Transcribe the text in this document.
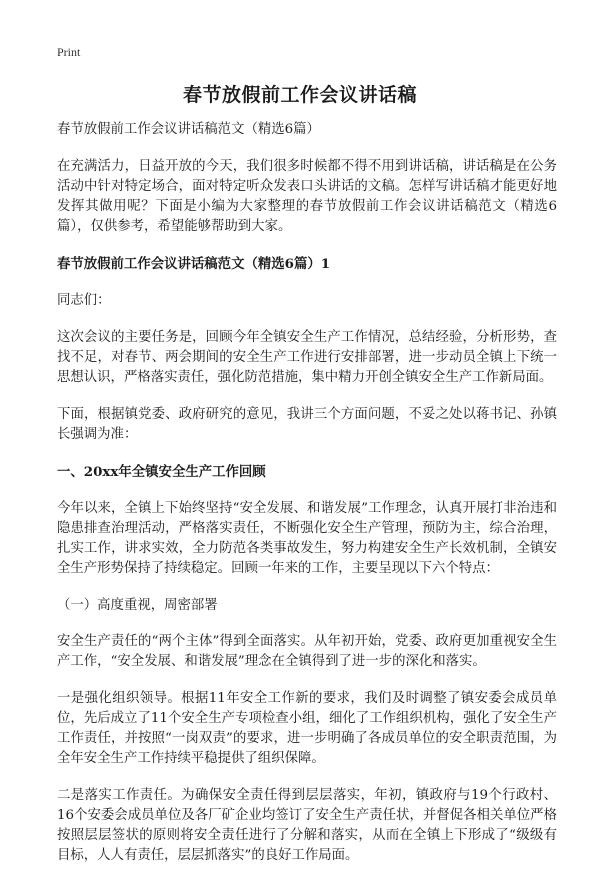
Print
春节放假前工作会议讲话稿

春节放假前工作会议讲话稿范文（精选6篇）

在充满活力，日益开放的今天，我们很多时候都不得不用到讲话稿，讲话稿是在公务活动中针对特定场合，面对特定听众发表口头讲话的文稿。怎样写讲话稿才能更好地发挥其做用呢？下面是小编为大家整理的春节放假前工作会议讲话稿范文（精选6篇），仅供参考，希望能够帮助到大家。

春节放假前工作会议讲话稿范文（精选6篇）1

同志们：

这次会议的主要任务是，回顾今年全镇安全生产工作情况，总结经验，分析形势，查找不足，对春节、两会期间的安全生产工作进行安排部署，进一步动员全镇上下统一思想认识，严格落实责任，强化防范措施，集中精力开创全镇安全生产工作新局面。

下面，根据镇党委、政府研究的意见，我讲三个方面问题，不妥之处以蒋书记、孙镇长强调为准：

一、20xx年全镇安全生产工作回顾

今年以来，全镇上下始终坚持“安全发展、和谐发展”工作理念，认真开展打非治违和隐患排查治理活动，严格落实责任，不断强化安全生产管理，预防为主，综合治理，扎实工作，讲求实效，全力防范各类事故发生，努力构建安全生产长效机制，全镇安全生产形势保持了持续稳定。回顾一年来的工作，主要呈现以下六个特点：

（一）高度重视，周密部署

安全生产责任的“两个主体”得到全面落实。从年初开始，党委、政府更加重视安全生产工作，“安全发展、和谐发展”理念在全镇得到了进一步的深化和落实。

一是强化组织领导。根据11年安全工作新的要求，我们及时调整了镇安委会成员单位，先后成立了11个安全生产专项检查小组，细化了工作组织机构，强化了安全生产工作责任，并按照“一岗双责”的要求，进一步明确了各成员单位的安全职责范围，为全年安全生产工作持续平稳提供了组织保障。

二是落实工作责任。为确保安全责任得到层层落实，年初，镇政府与19个行政村、16个安委会成员单位及各厂矿企业均签订了安全生产责任状，并督促各相关单位严格按照层层签状的原则将安全责任进行了分解和落实，从而在全镇上下形成了“级级有目标，人人有责任，层层抓落实”的良好工作局面。
